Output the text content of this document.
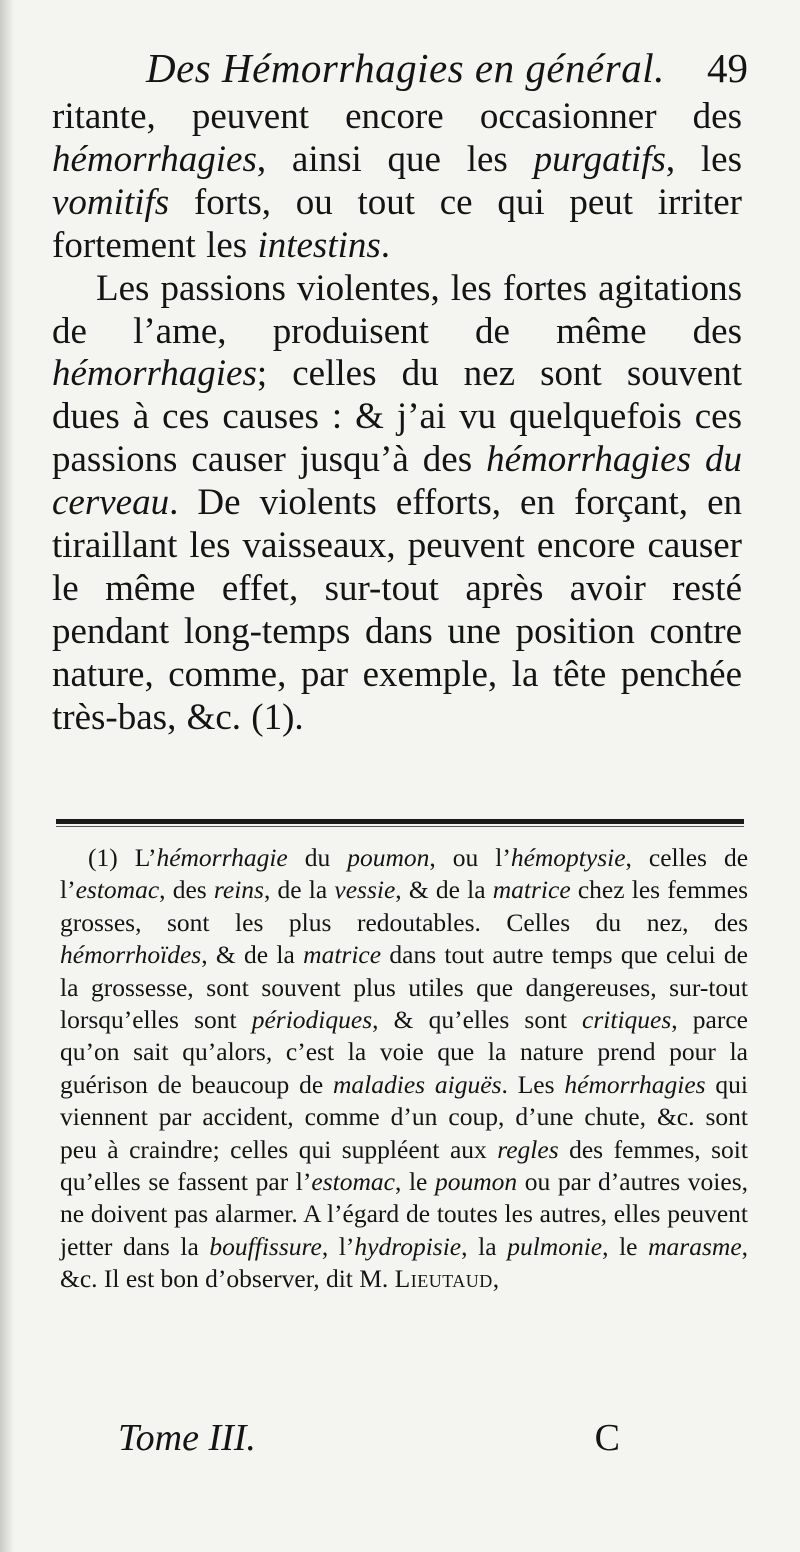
Des Hémorrhagies en général. 49

ritante, peuvent encore occasionner des hémorrhagies, ainsi que les purgatifs, les vomitifs forts, ou tout ce qui peut irriter fortement les intestins.

Les passions violentes, les fortes agitations de l’ame, produisent de même des hémorrhagies; celles du nez sont souvent dues à ces causes : & j’ai vu quelquefois ces passions causer jusqu’à des hémorrhagies du cerveau. De violents efforts, en forçant, en tiraillant les vaisseaux, peuvent encore causer le même effet, sur-tout après avoir resté pendant long-temps dans une position contre nature, comme, par exemple, la tête penchée très-bas, &c. (1).

(1) L’hémorrhagie du poumon, ou l’hémoptysie, celles de l’estomac, des reins, de la vessie, & de la matrice chez les femmes grosses, sont les plus redoutables. Celles du nez, des hémorrhoïdes, & de la matrice dans tout autre temps que celui de la grossesse, sont souvent plus utiles que dangereuses, sur-tout lorsqu’elles sont périodiques, & qu’elles sont critiques, parce qu’on sait qu’alors, c’est la voie que la nature prend pour la guérison de beaucoup de maladies aiguës. Les hémorrhagies qui viennent par accident, comme d’un coup, d’une chute, &c. sont peu à craindre; celles qui suppléent aux regles des femmes, soit qu’elles se fassent par l’estomac, le poumon ou par d’autres voies, ne doivent pas alarmer. A l’égard de toutes les autres, elles peuvent jetter dans la bouffissure, l’hydropisie, la pulmonie, le marasme, &c. Il est bon d’observer, dit M. Lieutaud,

Tome III.	C
